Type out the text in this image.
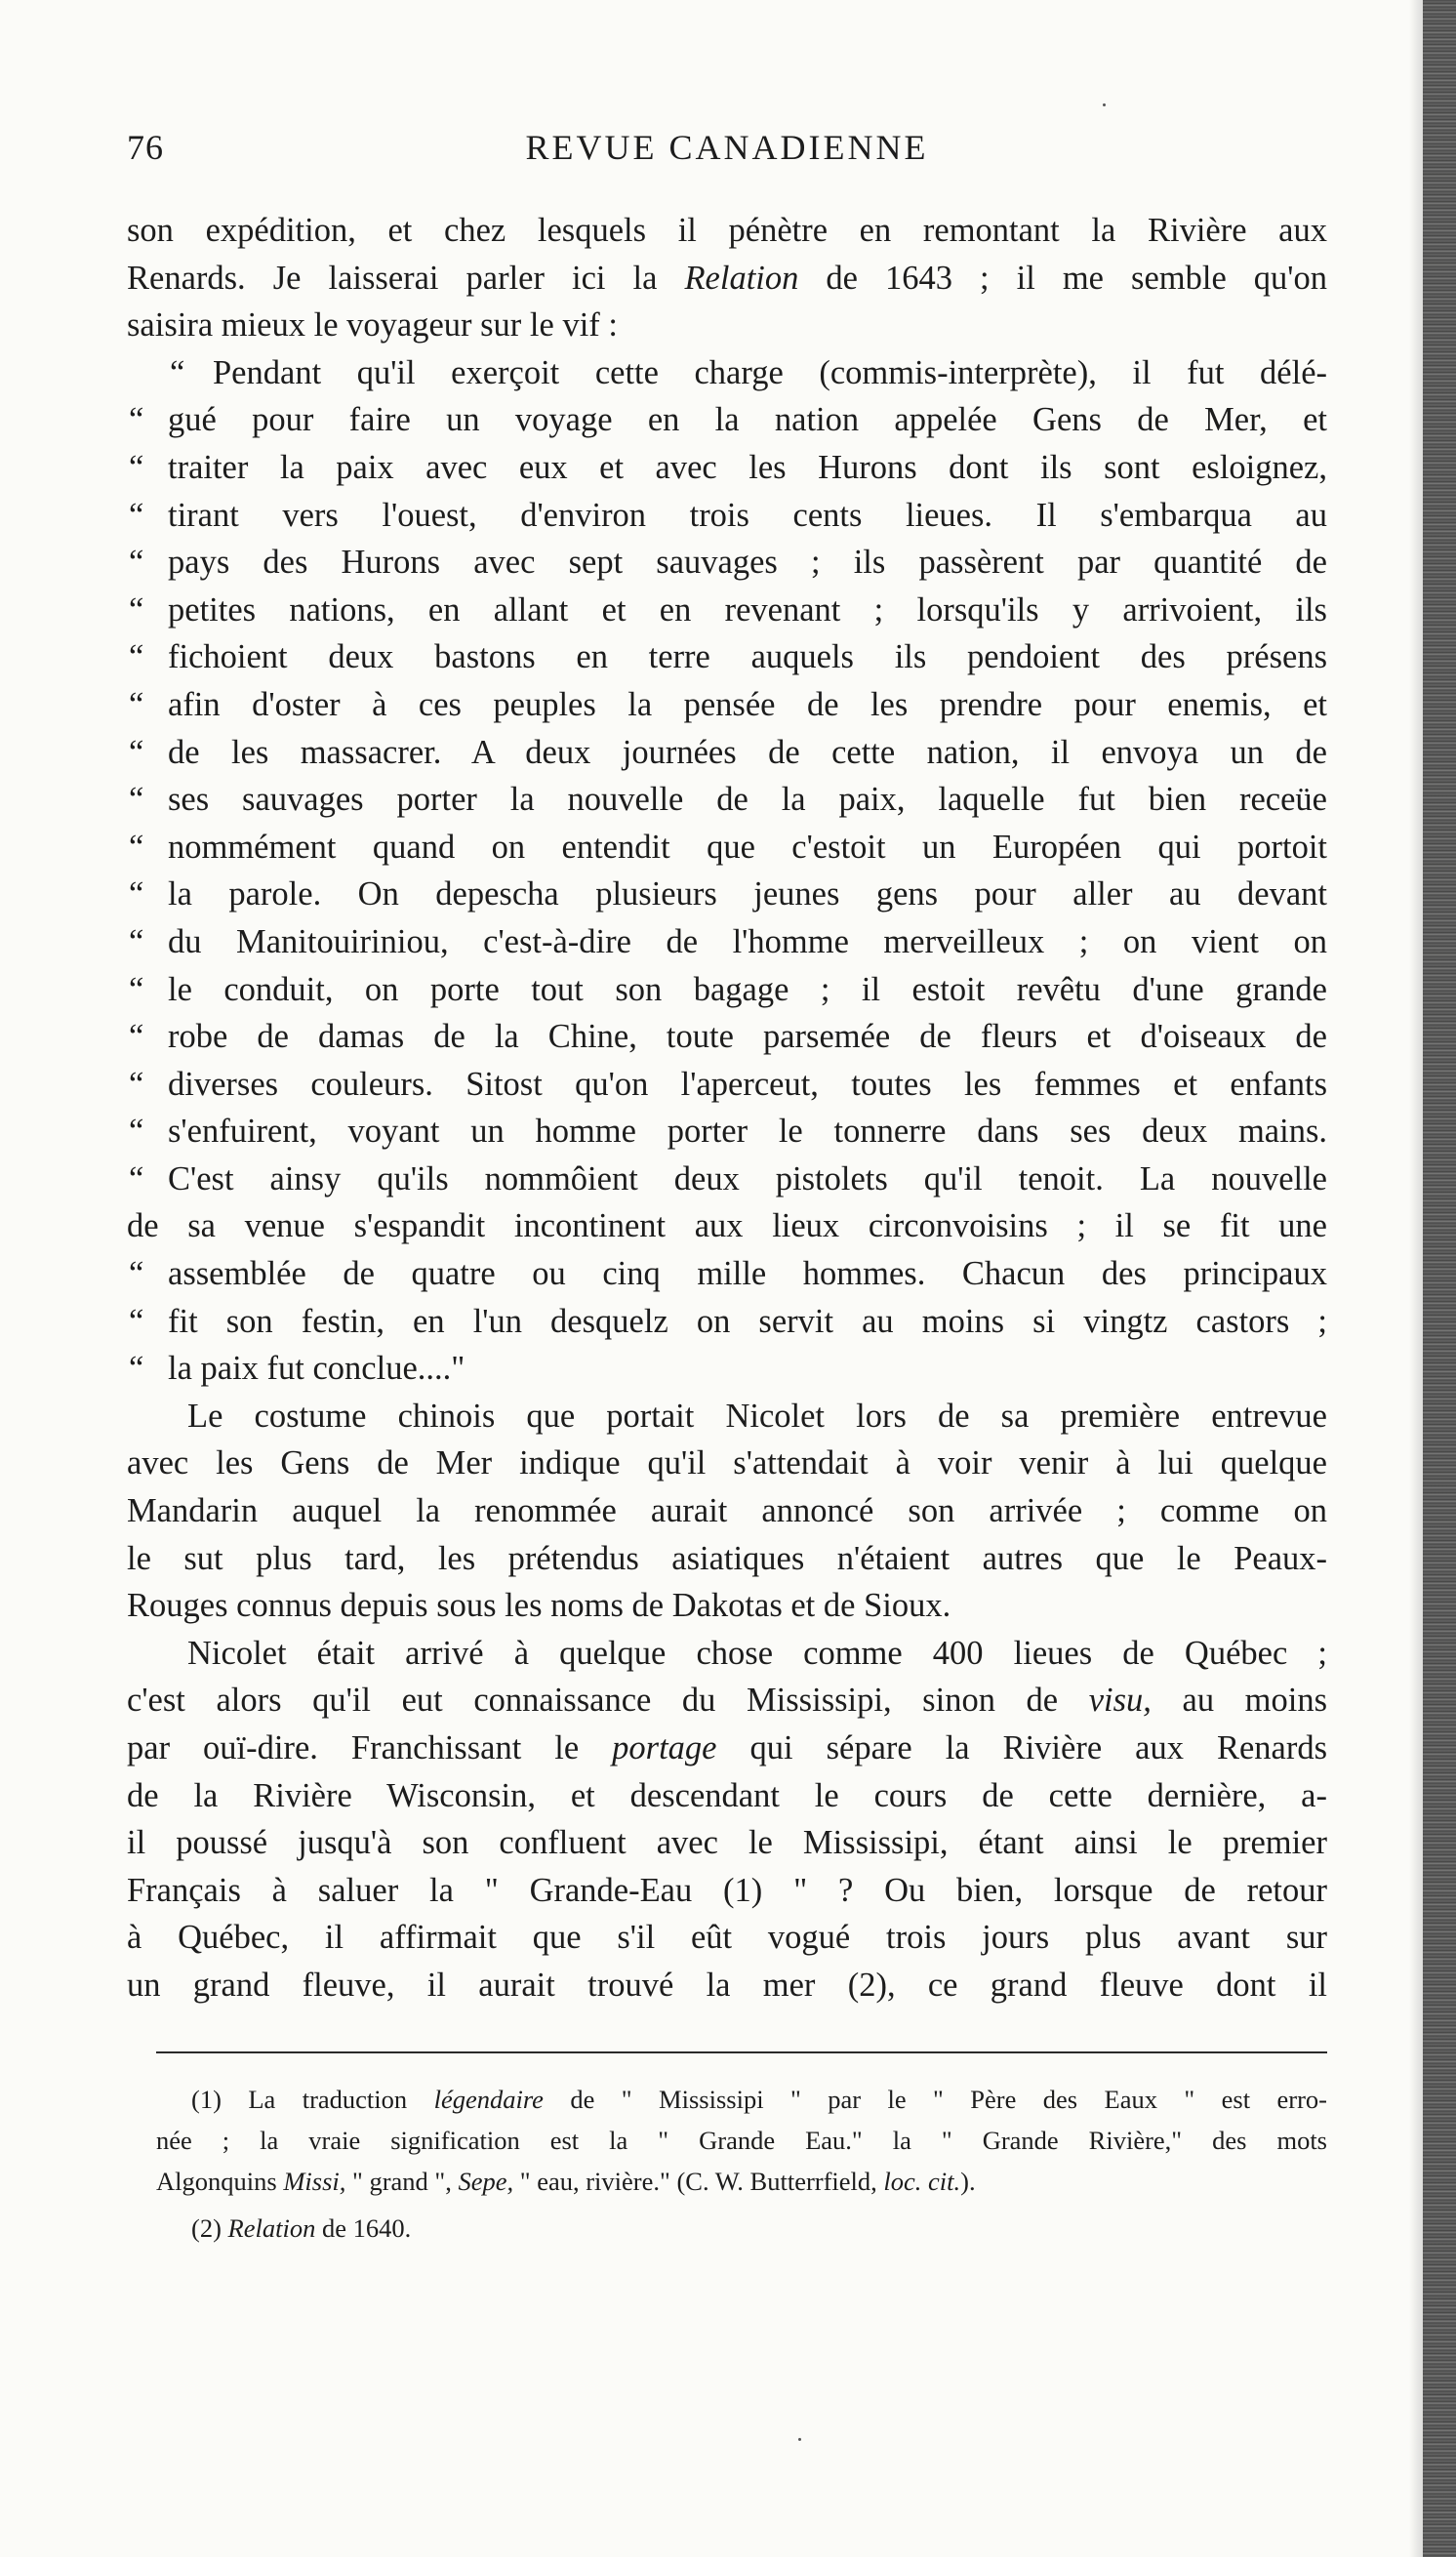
76	REVUE CANADIENNE
son expédition, et chez lesquels il pénètre en remontant la Rivière aux
Renards. Je laisserai parler ici la Relation de 1643 ; il me semble qu'on
saisira mieux le voyageur sur le vif :
“ Pendant qu'il exerçoit cette charge (commis-interprète), il fut délé-
“ gué pour faire un voyage en la nation appelée Gens de Mer, et
“ traiter la paix avec eux et avec les Hurons dont ils sont esloignez,
“ tirant vers l'ouest, d'environ trois cents lieues. Il s'embarqua au
“ pays des Hurons avec sept sauvages ; ils passèrent par quantité de
“ petites nations, en allant et en revenant ; lorsqu'ils y arrivoient, ils
“ fichoient deux bastons en terre auquels ils pendoient des présens
“ afin d'oster à ces peuples la pensée de les prendre pour enemis, et
“ de les massacrer. A deux journées de cette nation, il envoya un de
“ ses sauvages porter la nouvelle de la paix, laquelle fut bien receüe
“ nommément quand on entendit que c'estoit un Européen qui portoit
“ la parole. On depescha plusieurs jeunes gens pour aller au devant
“ du Manitouiriniou, c'est-à-dire de l'homme merveilleux ; on vient on
“ le conduit, on porte tout son bagage ; il estoit revêtu d'une grande
“ robe de damas de la Chine, toute parsemée de fleurs et d'oiseaux de
“ diverses couleurs. Sitost qu'on l'aperceut, toutes les femmes et enfants
“ s'enfuirent, voyant un homme porter le tonnerre dans ses deux mains.
“ C'est ainsy qu'ils nommôient deux pistolets qu'il tenoit. La nouvelle
de sa venue s'espandit incontinent aux lieux circonvoisins ; il se fit une
“ assemblée de quatre ou cinq mille hommes. Chacun des principaux
“ fit son festin, en l'un desquelz on servit au moins si vingtz castors ;
“ la paix fut conclue...."
Le costume chinois que portait Nicolet lors de sa première entrevue
avec les Gens de Mer indique qu'il s'attendait à voir venir à lui quelque
Mandarin auquel la renommée aurait annoncé son arrivée ; comme on
le sut plus tard, les prétendus asiatiques n'étaient autres que le Peaux-
Rouges connus depuis sous les noms de Dakotas et de Sioux.
Nicolet était arrivé à quelque chose comme 400 lieues de Québec ;
c'est alors qu'il eut connaissance du Mississipi, sinon de visu, au moins
par ouï-dire. Franchissant le portage qui sépare la Rivière aux Renards
de la Rivière Wisconsin, et descendant le cours de cette dernière, a-
il poussé jusqu'à son confluent avec le Mississipi, étant ainsi le premier
Français à saluer la " Grande-Eau (1) " ? Ou bien, lorsque de retour
à Québec, il affirmait que s'il eût vogué trois jours plus avant sur
un grand fleuve, il aurait trouvé la mer (2), ce grand fleuve dont il
(1) La traduction légendaire de " Mississipi " par le " Père des Eaux " est erro-
née ; la vraie signification est la " Grande Eau." la " Grande Rivière," des mots
Algonquins Missi, " grand ", Sepe, " eau, rivière." (C. W. Butterrfield, loc. cit.).
(2) Relation de 1640.
